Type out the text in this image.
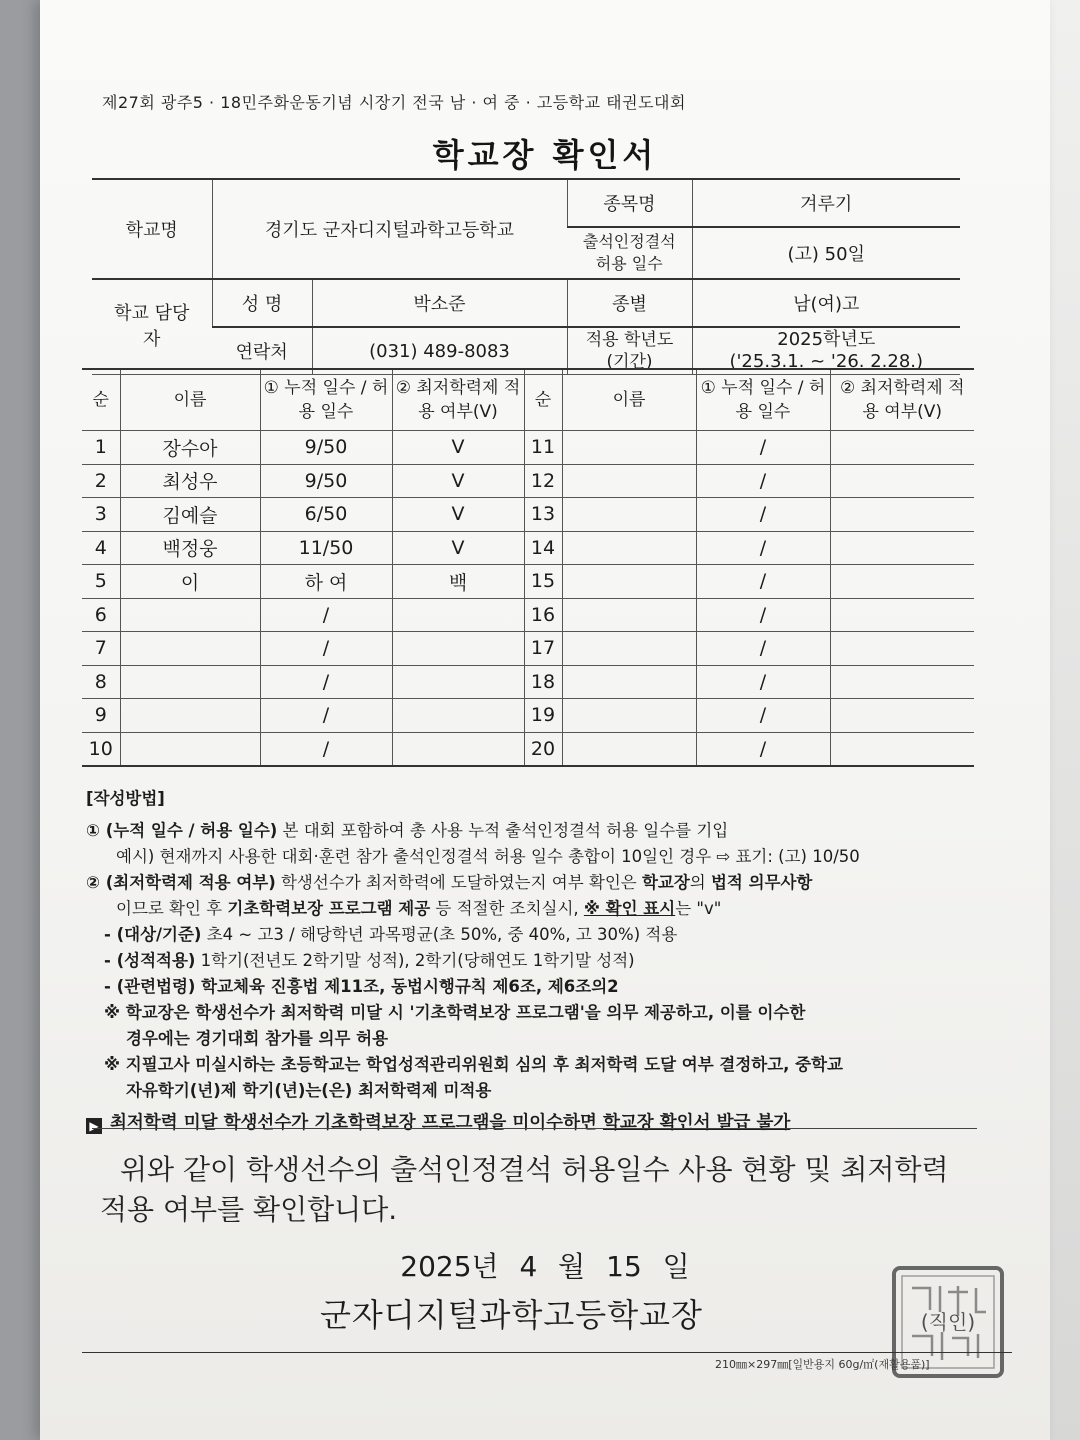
제27회 광주5 · 18민주화운동기념 시장기 전국 남 · 여 중 · 고등학교 태권도대회
학교장 확인서
학교명	경기도 군자디지털과학고등학교		종목명	겨루기
			출석인정결석 허용 일수	(고) 50일
학교 담당자	성 명	박소준	종별	남(여)고
	연락처	(031) 489-8083	적용 학년도 (기간)	2025학년도
('25.3.1. ~ '26. 2.28.)
순	이름	① 누적 일수 / 허용 일수	② 최저학력제 적용 여부(V)	순	이름	① 누적 일수 / 허용 일수	② 최저학력제 적용 여부(V)
1	장수아	9/50	V	11		/	
2	최성우	9/50	V	12		/	
3	김예슬	6/50	V	13		/	
4	백정웅	11/50	V	14		/	
5	이	하 여	백	15		/	
6		/		16		/	
7		/		17		/	
8		/		18		/	
9		/		19		/	
10		/		20		/	

[작성방법]

① (누적 일수 / 허용 일수) 본 대회 포함하여 총 사용 누적 출석인정결석 허용 일수를 기입

예시) 현재까지 사용한 대회·훈련 참가 출석인정결석 허용 일수 총합이 10일인 경우 ⇨ 표기: (고) 10/50

② (최저학력제 적용 여부) 학생선수가 최저학력에 도달하였는지 여부 확인은 학교장의 법적 의무사항

이므로 확인 후 기초학력보장 프로그램 제공 등 적절한 조치실시, ※ 확인 표시는 "v"

- (대상/기준) 초4 ~ 고3 / 해당학년 과목평균(초 50%, 중 40%, 고 30%) 적용

- (성적적용) 1학기(전년도 2학기말 성적), 2학기(당해연도 1학기말 성적)

- (관련법령) 학교체육 진흥법 제11조, 동법시행규칙 제6조, 제6조의2

※ 학교장은 학생선수가 최저학력 미달 시 '기초학력보장 프로그램'을 의무 제공하고, 이를 이수한

경우에는 경기대회 참가를 의무 허용

※ 지필고사 미실시하는 초등학교는 학업성적관리위원회 심의 후 최저학력 도달 여부 결정하고, 중학교

자유학기(년)제 학기(년)는(은) 최저학력제 미적용

▶ 최저학력 미달 학생선수가 기초학력보장 프로그램을 미이수하면 학교장 확인서 발급 불가

위와 같이 학생선수의 출석인정결석 허용일수 사용 현황 및 최저학력
적용 여부를 확인합니다.
2025년 4 월 15 일
군자디지털과학고등학교장	(직인)
210㎜×297㎜[일반용지 60g/㎡(재활용품)]
